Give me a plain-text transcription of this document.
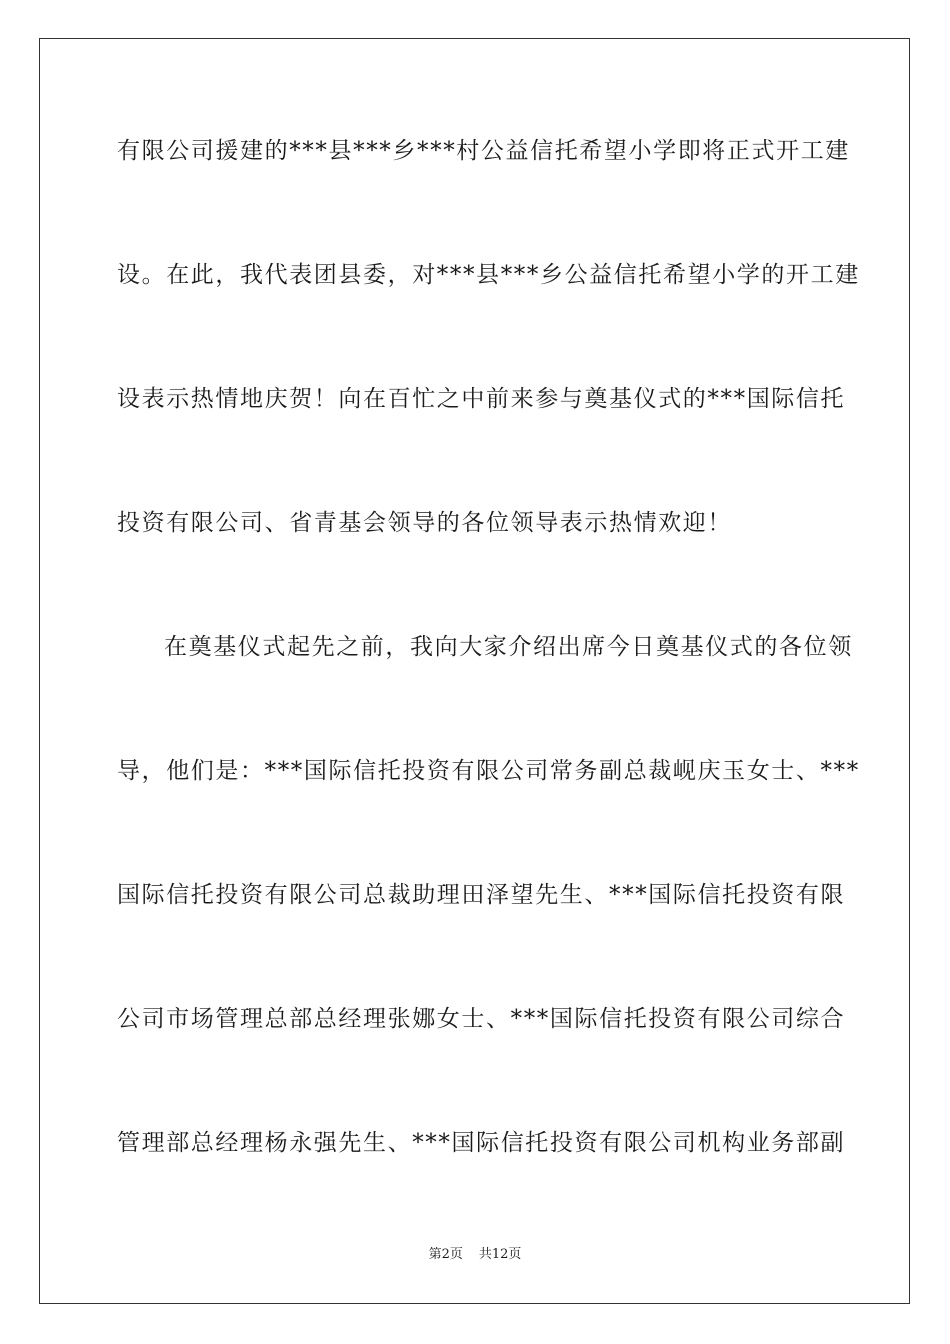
有限公司援建的***县***乡***村公益信托希望小学即将正式开工建
设。在此，我代表团县委，对***县***乡公益信托希望小学的开工建
设表示热情地庆贺！向在百忙之中前来参与奠基仪式的***国际信托
投资有限公司、省青基会领导的各位领导表示热情欢迎！
在奠基仪式起先之前，我向大家介绍出席今日奠基仪式的各位领
导，他们是：***国际信托投资有限公司常务副总裁岘庆玉女士、***
国际信托投资有限公司总裁助理田泽望先生、***国际信托投资有限
公司市场管理总部总经理张娜女士、***国际信托投资有限公司综合
管理部总经理杨永强先生、***国际信托投资有限公司机构业务部副
第2页 共12页
